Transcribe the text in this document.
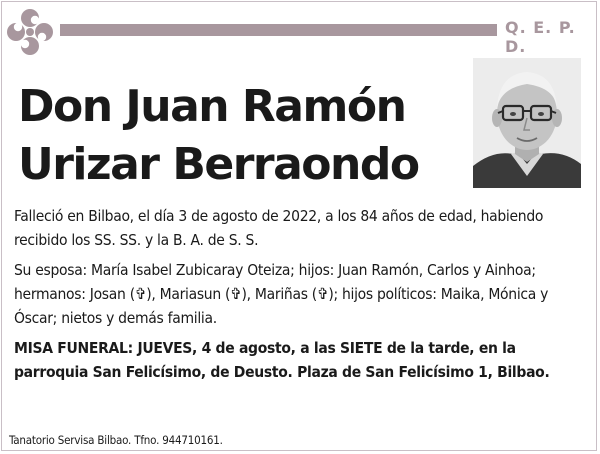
Q. E. P. D.
Don Juan Ramón
Urizar Berraondo

Falleció en Bilbao, el día 3 de agosto de 2022, a los 84 años de edad, habiendo recibido los SS. SS. y la B. A. de S. S.

Su esposa: María Isabel Zubicaray Oteiza; hijos: Juan Ramón, Carlos y Ainhoa; hermanos: Josan (✞), Mariasun (✞), Mariñas (✞); hijos políticos: Maika, Mónica y Óscar; nietos y demás familia.

MISA FUNERAL: JUEVES, 4 de agosto, a las SIETE de la tarde, en la parroquia San Felicísimo, de Deusto. Plaza de San Felicísimo 1, Bilbao.

Tanatorio Servisa Bilbao. Tfno. 944710161.
